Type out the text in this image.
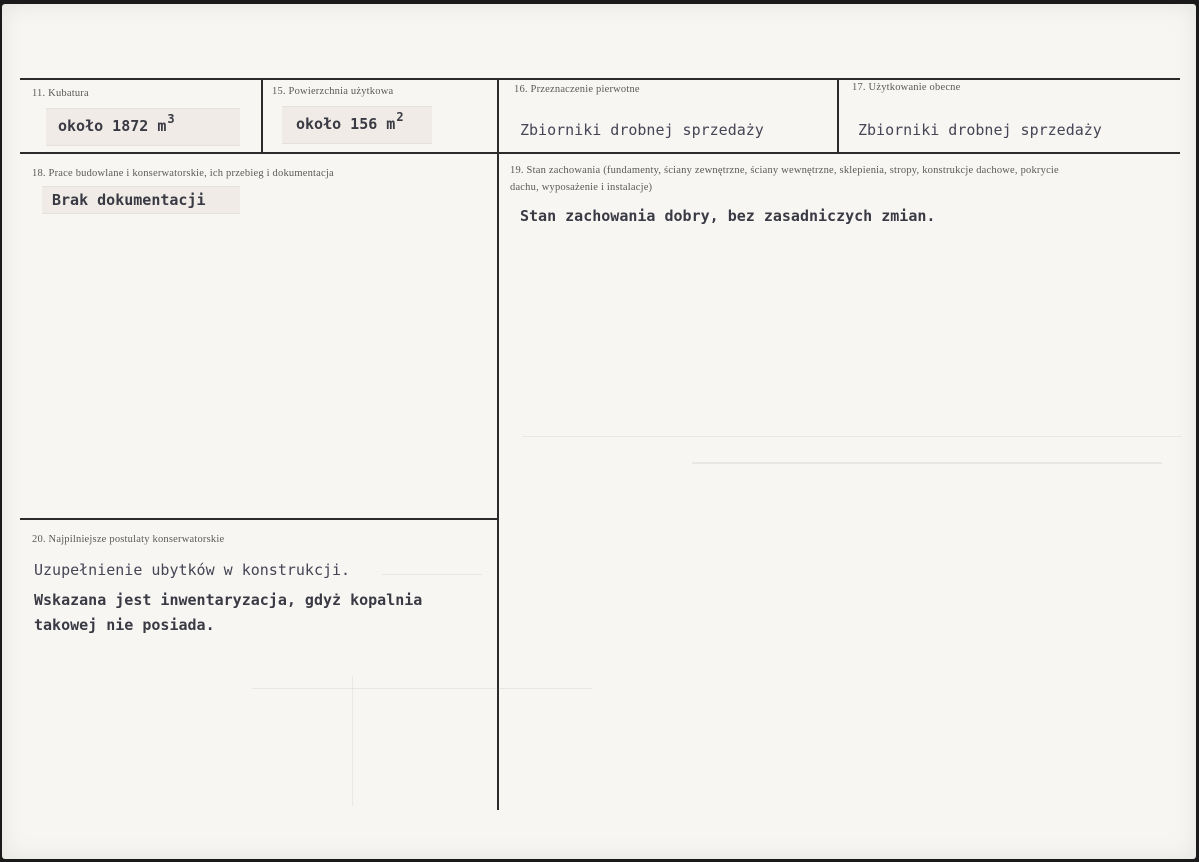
11. Kubatura
około 1872 $m^3$
15. Powierzchnia użytkowa
około 156 $m^2$
16. Przeznaczenie pierwotne
Zbiorniki drobnej sprzedaży
17. Użytkowanie obecne
Zbiorniki drobnej sprzedaży
18. Prace budowlane i konserwatorskie, ich przebieg i dokumentacja
Brak dokumentacji
19. Stan zachowania (fundamenty, ściany zewnętrzne, ściany wewnętrzne, sklepienia, stropy, konstrukcje dachowe, pokrycie dachu, wyposażenie i instalacje)
Stan zachowania dobry, bez zasadniczych zmian.
20. Najpilniejsze postulaty konserwatorskie
Uzupełnienie ubytków w konstrukcji.
Wskazana jest inwentaryzacja, gdyż kopalnia
takowej nie posiada.
